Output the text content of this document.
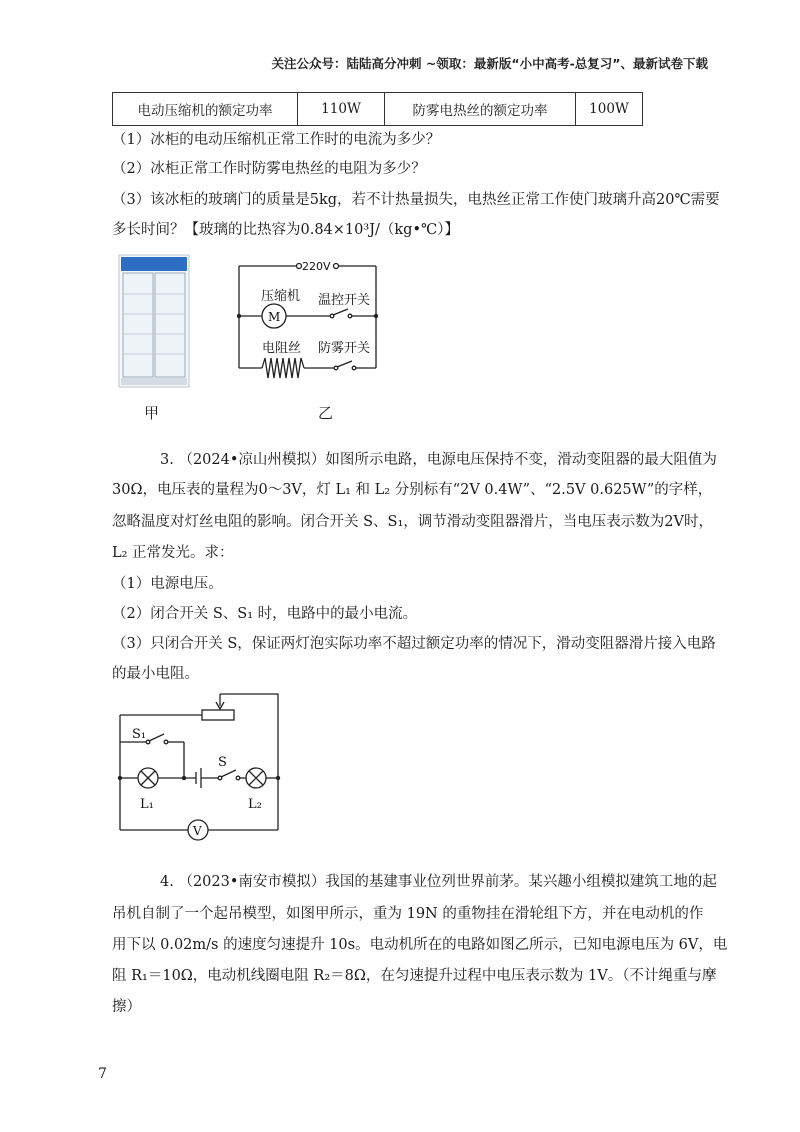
关注公众号：陆陆高分冲刺 ~领取：最新版“小中高考-总复习”、最新试卷下载
电动压缩机的额定功率	110W	防雾电热丝的额定功率	100W
（1）冰柜的电动压缩机正常工作时的电流为多少？
（2）冰柜正常工作时防雾电热丝的电阻为多少？
（3）该冰柜的玻璃门的质量是5kg，若不计热量损失，电热丝正常工作使门玻璃升高20℃需要
多长时间？【玻璃的比热容为0.84×10³J/（kg•℃）】
甲
220V
压缩机
M
温控开关
电阻丝 防雾开关
乙
3. （2024•凉山州模拟）如图所示电路，电源电压保持不变，滑动变阻器的最大阻值为
30Ω，电压表的量程为0～3V，灯 L₁ 和 L₂ 分别标有“2V 0.4W”、“2.5V 0.625W”的字样，
忽略温度对灯丝电阻的影响。闭合开关 S、S₁，调节滑动变阻器滑片，当电压表示数为2V时，
L₂ 正常发光。求：
（1）电源电压。
（2）闭合开关 S、S₁ 时，电路中的最小电流。
（3）只闭合开关 S，保证两灯泡实际功率不超过额定功率的情况下，滑动变阻器滑片接入电路
的最小电阻。
S₁
S
L₁	L₂
V
4. （2023•南安市模拟）我国的基建事业位列世界前茅。某兴趣小组模拟建筑工地的起
吊机自制了一个起吊模型，如图甲所示，重为 19N 的重物挂在滑轮组下方，并在电动机的作
用下以 0.02m/s 的速度匀速提升 10s。电动机所在的电路如图乙所示，已知电源电压为 6V，电
阻 R₁＝10Ω，电动机线圈电阻 R₂＝8Ω，在匀速提升过程中电压表示数为 1V。（不计绳重与摩
擦）
7
